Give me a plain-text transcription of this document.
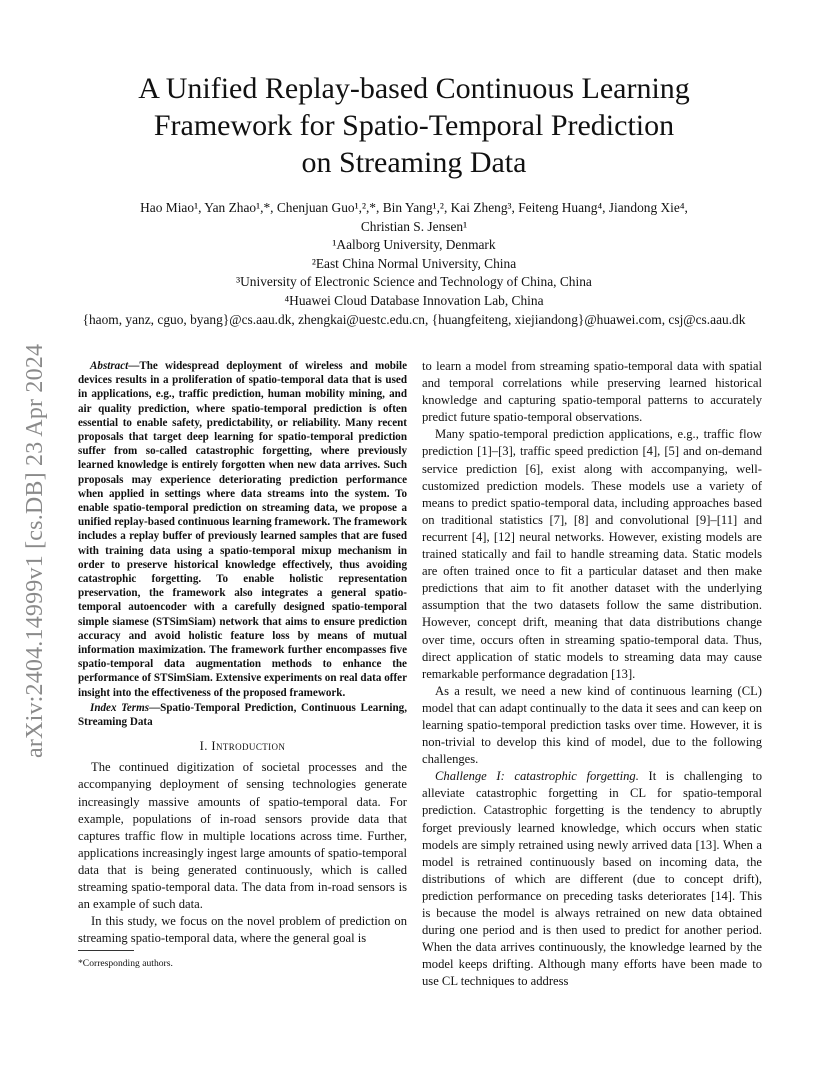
A Unified Replay-based Continuous Learning
Framework for Spatio-Temporal Prediction
on Streaming Data
Hao Miao¹, Yan Zhao¹,*, Chenjuan Guo¹,²,*, Bin Yang¹,², Kai Zheng³, Feiteng Huang⁴, Jiandong Xie⁴,
Christian S. Jensen¹
¹Aalborg University, Denmark
²East China Normal University, China
³University of Electronic Science and Technology of China, China
⁴Huawei Cloud Database Innovation Lab, China
{haom, yanz, cguo, byang}@cs.aau.dk, zhengkai@uestc.edu.cn, {huangfeiteng, xiejiandong}@huawei.com, csj@cs.aau.dk
arXiv:2404.14999v1 [cs.DB] 23 Apr 2024	Abstract—The widespread deployment of wireless and mobile devices results in a proliferation of spatio-temporal data that is used in applications, e.g., traffic prediction, human mobility mining, and air quality prediction, where spatio-temporal prediction is often essential to enable safety, predictability, or reliability. Many recent proposals that target deep learning for spatio-temporal prediction suffer from so-called catastrophic forgetting, where previously learned knowledge is entirely forgotten when new data arrives. Such proposals may experience deteriorating prediction performance when applied in settings where data streams into the system. To enable spatio-temporal prediction on streaming data, we propose a unified replay-based continuous learning framework. The framework includes a replay buffer of previously learned samples that are fused with training data using a spatio-temporal mixup mechanism in order to preserve historical knowledge effectively, thus avoiding catastrophic forgetting. To enable holistic representation preservation, the framework also integrates a general spatio-temporal autoencoder with a carefully designed spatio-temporal simple siamese (STSimSiam) network that aims to ensure prediction accuracy and avoid holistic feature loss by means of mutual information maximization. The framework further encompasses five spatio-temporal data augmentation methods to enhance the performance of STSimSiam. Extensive experiments on real data offer insight into the effectiveness of the proposed framework.

Index Terms—Spatio-Temporal Prediction, Continuous Learning, Streaming Data

I. Introduction

The continued digitization of societal processes and the accompanying deployment of sensing technologies generate increasingly massive amounts of spatio-temporal data. For example, populations of in-road sensors provide data that captures traffic flow in multiple locations across time. Further, applications increasingly ingest large amounts of spatio-temporal data that is being generated continuously, which is called streaming spatio-temporal data. The data from in-road sensors is an example of such data.

In this study, we focus on the novel problem of prediction on streaming spatio-temporal data, where the general goal is

*Corresponding authors.

to learn a model from streaming spatio-temporal data with spatial and temporal correlations while preserving learned historical knowledge and capturing spatio-temporal patterns to accurately predict future spatio-temporal observations.

Many spatio-temporal prediction applications, e.g., traffic flow prediction [1]–[3], traffic speed prediction [4], [5] and on-demand service prediction [6], exist along with accompanying, well-customized prediction models. These models use a variety of means to predict spatio-temporal data, including approaches based on traditional statistics [7], [8] and convolutional [9]–[11] and recurrent [4], [12] neural networks. However, existing models are trained statically and fail to handle streaming data. Static models are often trained once to fit a particular dataset and then make predictions that aim to fit another dataset with the underlying assumption that the two datasets follow the same distribution. However, concept drift, meaning that data distributions change over time, occurs often in streaming spatio-temporal data. Thus, direct application of static models to streaming data may cause remarkable performance degradation [13].

As a result, we need a new kind of continuous learning (CL) model that can adapt continually to the data it sees and can keep on learning spatio-temporal prediction tasks over time. However, it is non-trivial to develop this kind of model, due to the following challenges.

Challenge I: catastrophic forgetting. It is challenging to alleviate catastrophic forgetting in CL for spatio-temporal prediction. Catastrophic forgetting is the tendency to abruptly forget previously learned knowledge, which occurs when static models are simply retrained using newly arrived data [13]. When a model is retrained continuously based on incoming data, the distributions of which are different (due to concept drift), prediction performance on preceding tasks deteriorates [14]. This is because the model is always retrained on new data obtained during one period and is then used to predict for another period. When the data arrives continuously, the knowledge learned by the model keeps drifting. Although many efforts have been made to use CL techniques to address
